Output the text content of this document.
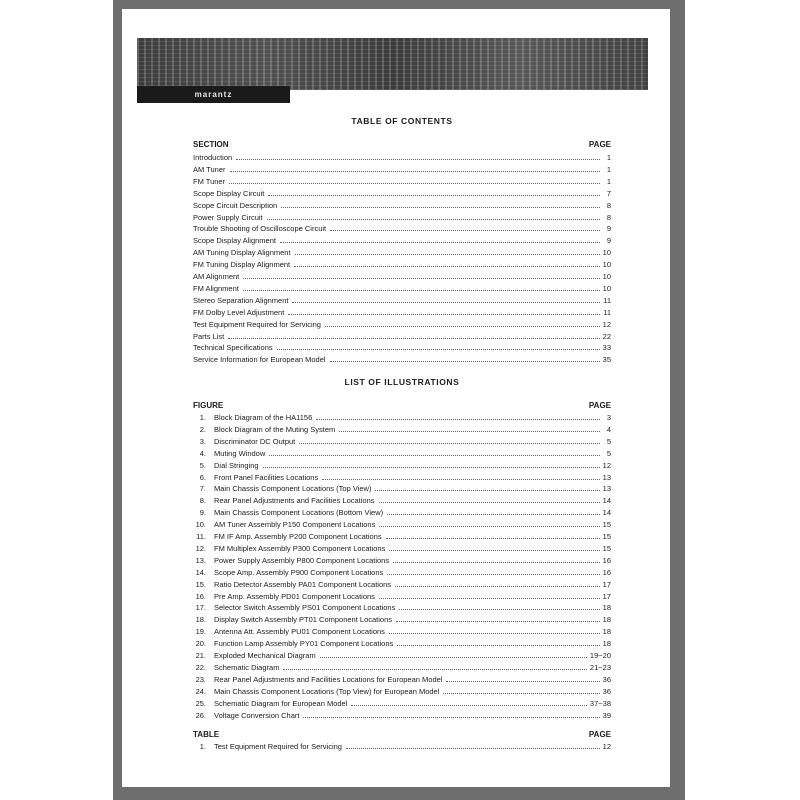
marantz
TABLE OF CONTENTS
SECTION	PAGE
Introduction	1
AM Tuner	1
FM Tuner	1
Scope Display Circuit	7
Scope Circuit Description	8
Power Supply Circuit	8
Trouble Shooting of Oscilloscope Circuit	9
Scope Display Alignment	9
AM Tuning Display Alignment	10
FM Tuning Display Alignment	10
AM Alignment	10
FM Alignment	10
Stereo Separation Alignment	11
FM Dolby Level Adjustment	11
Test Equipment Required for Servicing	12
Parts List	22
Technical Specifications	33
Service Information for European Model	35
LIST OF ILLUSTRATIONS
FIGURE	PAGE
1. Block Diagram of the HA1156	3
2. Block Diagram of the Muting System	4
3. Discriminator DC Output	5
4. Muting Window	5
5. Dial Stringing	12
6. Front Panel Facilities Locations	13
7. Main Chassis Component Locations (Top View)	13
8. Rear Panel Adjustments and Facilities Locations	14
9. Main Chassis Component Locations (Bottom View)	14
10. AM Tuner Assembly P150 Component Locations	15
11. FM IF Amp. Assembly P200 Component Locations	15
12. FM Multiplex Assembly P300 Component Locations	15
13. Power Supply Assembly P800 Component Locations	16
14. Scope Amp. Assembly P900 Component Locations	16
15. Ratio Detector Assembly PA01 Component Locations	17
16. Pre Amp. Assembly PD01 Component Locations	17
17. Selector Switch Assembly PS01 Component Locations	18
18. Display Switch Assembly PT01 Component Locations	18
19. Antenna Att. Assembly PU01 Component Locations	18
20. Function Lamp Assembly PY01 Component Locations	18
21. Exploded Mechanical Diagram	19~20
22. Schematic Diagram	21~23
23. Rear Panel Adjustments and Facilities Locations for European Model	36
24. Main Chassis Component Locations (Top View) for European Model	36
25. Schematic Diagram for European Model	37~38
26. Voltage Conversion Chart	39
TABLE	PAGE
1. Test Equipment Required for Servicing	12
